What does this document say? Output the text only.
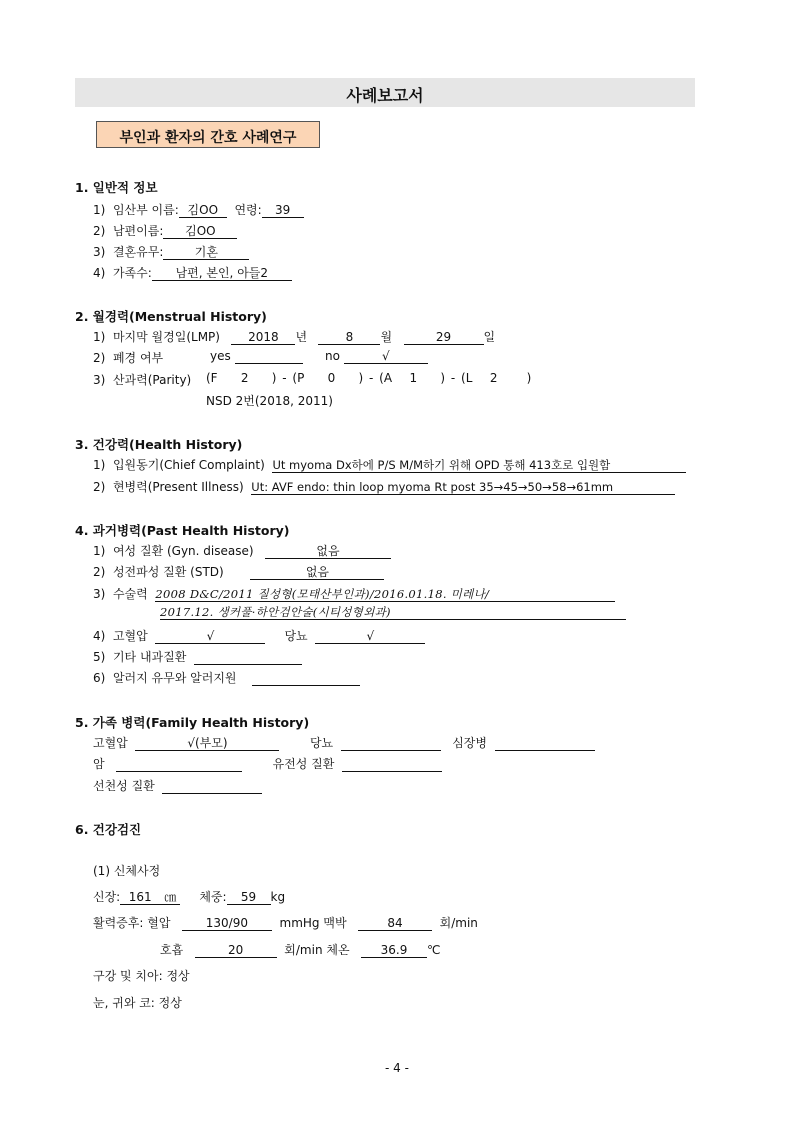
사례보고서
부인과 환자의 간호 사례연구
1. 일반적 정보
1) 임산부 이름: 김OO 연령: 39
2) 남편이름: 김OO
3) 결혼유무:	기혼
4) 가족수: 남편, 본인, 아들2
2. 월경력(Menstrual History)
1) 마지막 월경일(LMP) 2018 년	8 월	29	일
2) 폐경 여부	yes	no	√
3) 산과력(Parity) (F 2 ) - (P 0 ) - (A 1 ) - (L 2 )
NSD 2번(2018, 2011)
3. 건강력(Health History)
1) 입원동기(Chief Complaint) Ut myoma Dx하에 P/S M/M하기 위해 OPD 통해 413호로 입원함
2) 현병력(Present Illness) Ut: AVF endo: thin loop myoma Rt post 35→45→50→58→61mm
4. 과거병력(Past Health History)
1) 여성 질환 (Gyn. disease)	없음
2) 성전파성 질환 (STD)	없음
3) 수술력 2008 D&C/2011 질성형(모태산부인과)/2016.01.18. 미레나/
2017.12. 생커풀·하안검안술(시티성형외과)
4) 고혈압	√	당뇨	√
5) 기타 내과질환
6) 알러지 유무와 알러지원
5. 가족 병력(Family Health History)
고혈압	√(부모)	당뇨	심장병
암	유전성 질환
선천성 질환
6. 건강검진
(1) 신체사정
신장: 161 ㎝ 체중: 59 kg
활력증후: 혈압	130/90	mmHg 맥박	84	회/min
호흡	20	회/min 체온	36.9 ℃
구강 및 치아: 정상
눈, 귀와 코: 정상
- 4 -
